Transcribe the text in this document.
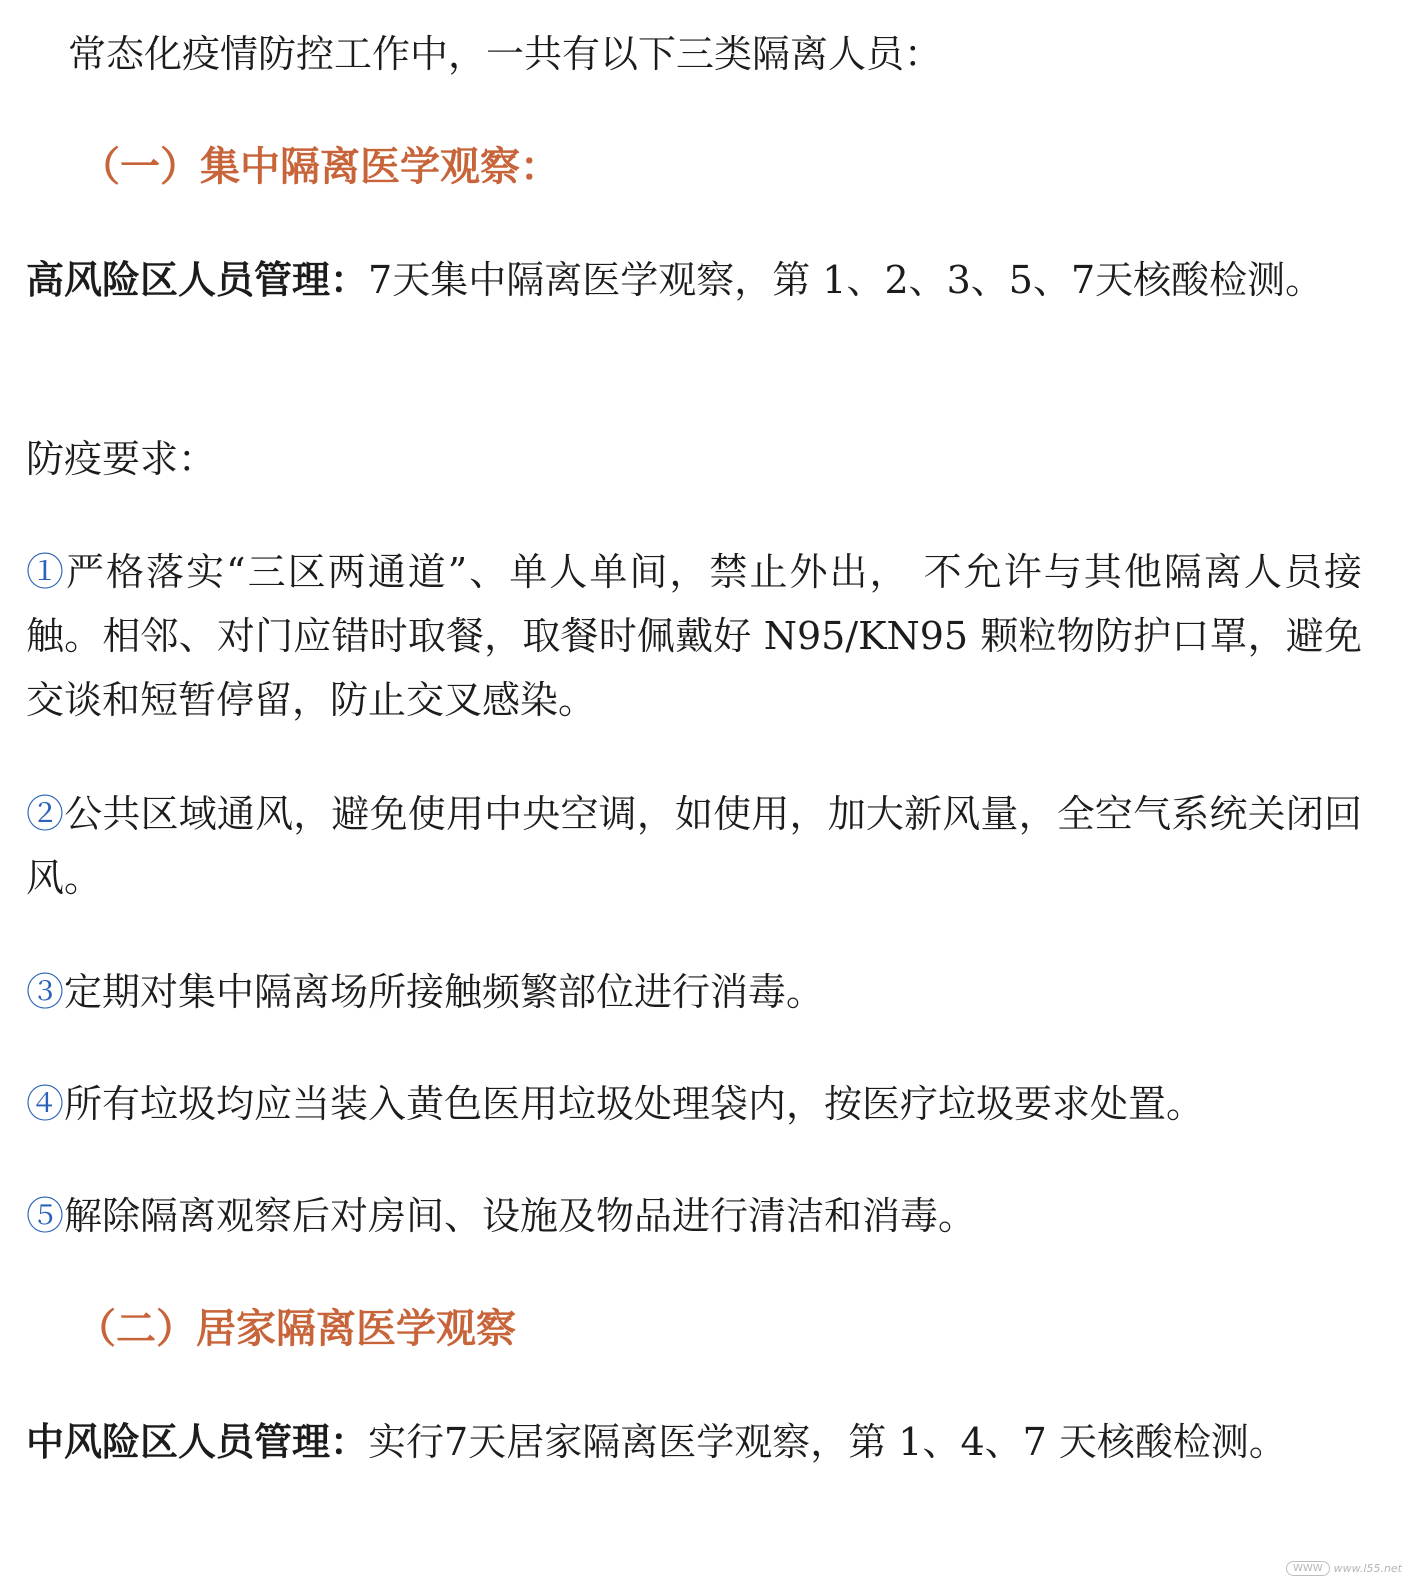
常态化疫情防控工作中，一共有以下三类隔离人员：
（一）集中隔离医学观察：
高风险区人员管理：7天集中隔离医学观察，第 1、2、3、5、7天核酸检测。
防疫要求：
①严格落实“三区两通道”、单人单间，禁止外出， 不允许与其他隔离人员接触。相邻、对门应错时取餐，取餐时佩戴好 N95/KN95 颗粒物防护口罩，避免交谈和短暂停留，防止交叉感染。
②公共区域通风，避免使用中央空调，如使用，加大新风量，全空气系统关闭回风。
③定期对集中隔离场所接触频繁部位进行消毒。
④所有垃圾均应当装入黄色医用垃圾处理袋内，按医疗垃圾要求处置。
⑤解除隔离观察后对房间、设施及物品进行清洁和消毒。
（二）居家隔离医学观察
中风险区人员管理：实行7天居家隔离医学观察，第 1、4、7 天核酸检测。
WWW	www.l55.net
